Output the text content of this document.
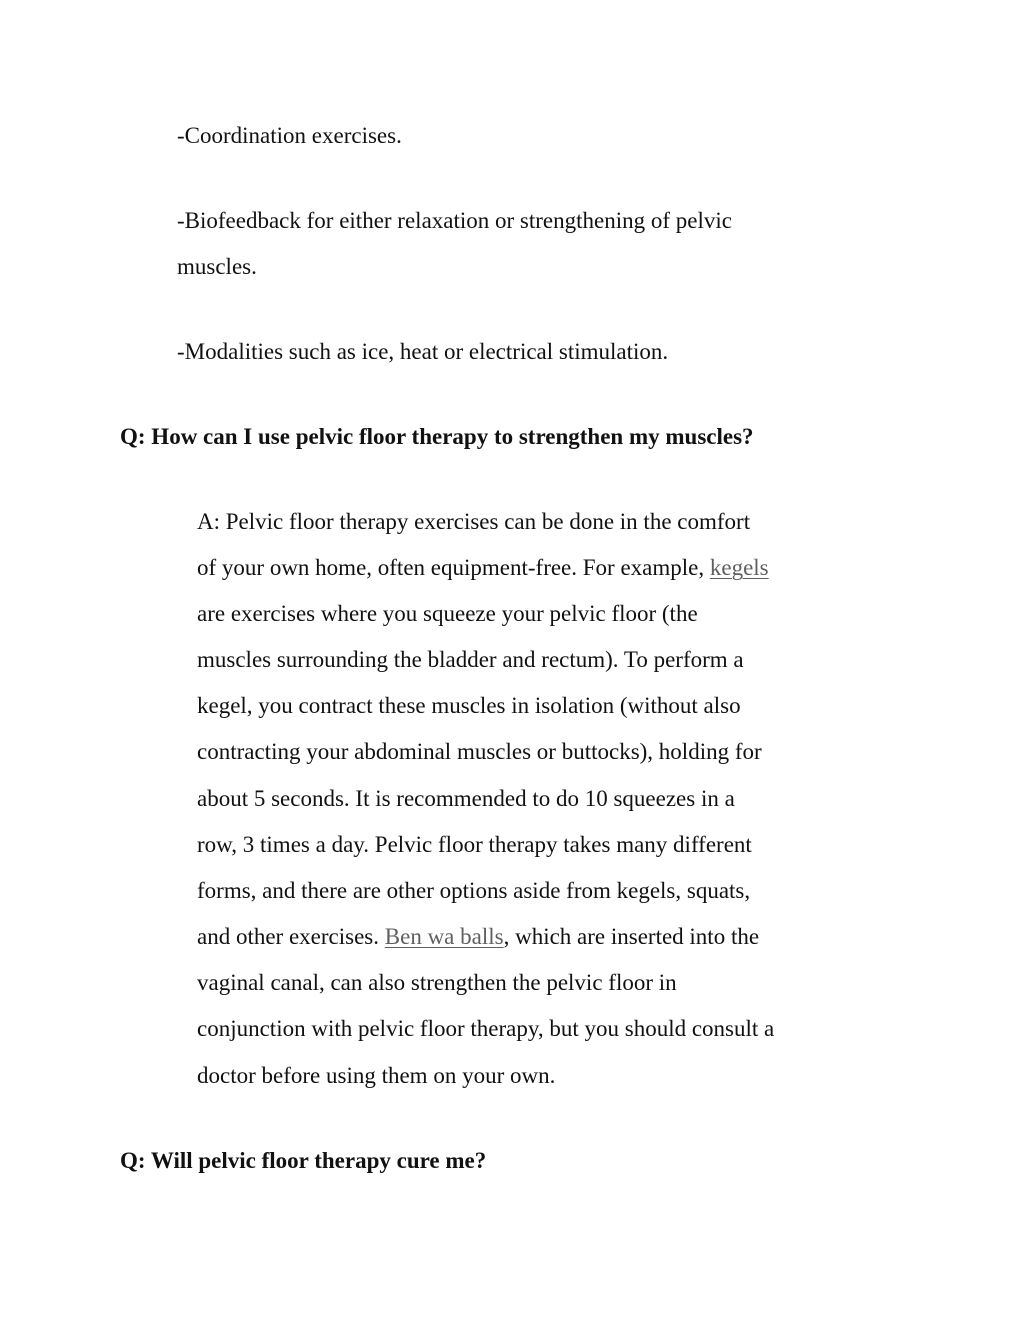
-Coordination exercises.

-Biofeedback for either relaxation or strengthening of pelvic

muscles.

-Modalities such as ice, heat or electrical stimulation.

Q: How can I use pelvic floor therapy to strengthen my muscles?

A: Pelvic floor therapy exercises can be done in the comfort

of your own home, often equipment-free. For example, kegels

are exercises where you squeeze your pelvic floor (the

muscles surrounding the bladder and rectum). To perform a

kegel, you contract these muscles in isolation (without also

contracting your abdominal muscles or buttocks), holding for

about 5 seconds. It is recommended to do 10 squeezes in a

row, 3 times a day. Pelvic floor therapy takes many different

forms, and there are other options aside from kegels, squats,

and other exercises. Ben wa balls, which are inserted into the

vaginal canal, can also strengthen the pelvic floor in

conjunction with pelvic floor therapy, but you should consult a

doctor before using them on your own.

Q: Will pelvic floor therapy cure me?
